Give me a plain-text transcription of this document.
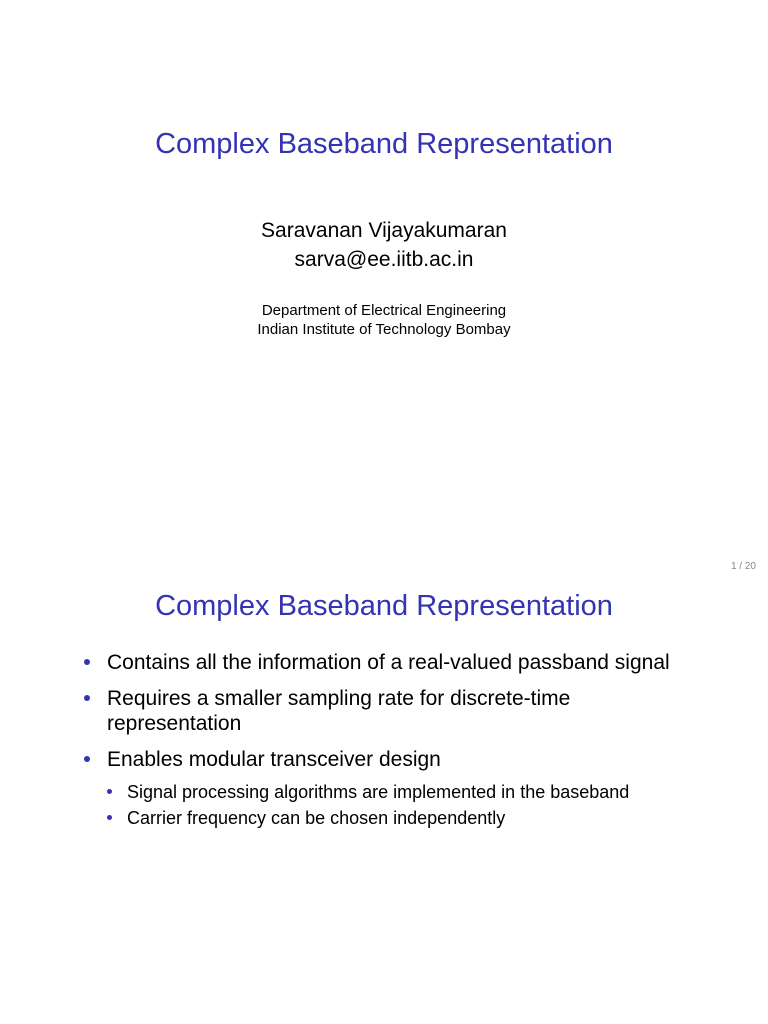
Complex Baseband Representation
Saravanan Vijayakumaran
sarva@ee.iitb.ac.in
Department of Electrical Engineering
Indian Institute of Technology Bombay
1 / 20
Complex Baseband Representation
Contains all the information of a real-valued passband signal
Requires a smaller sampling rate for discrete-time representation
Enables modular transceiver design
Signal processing algorithms are implemented in the baseband
Carrier frequency can be chosen independently
